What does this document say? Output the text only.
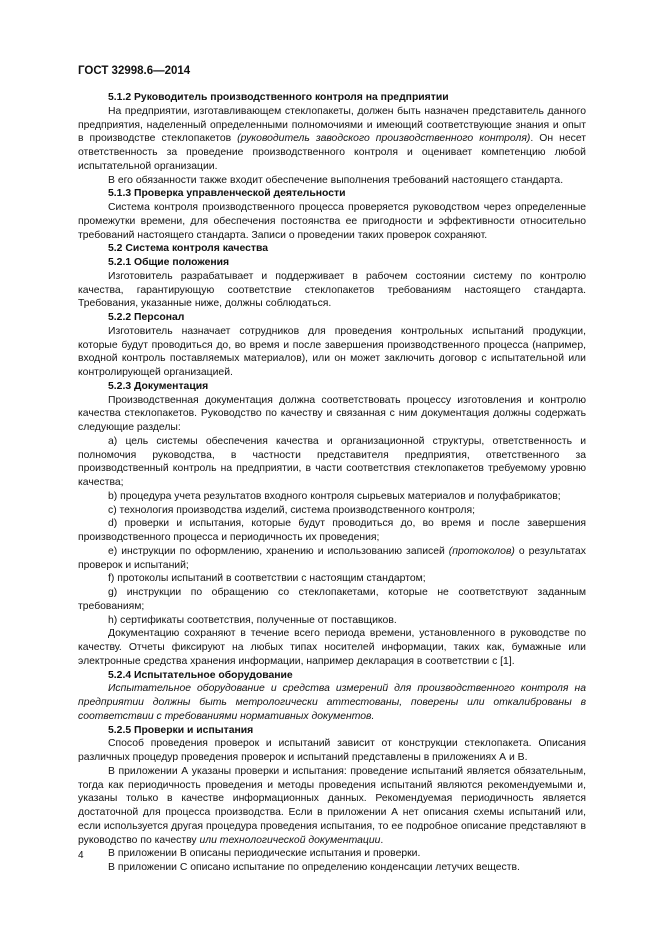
ГОСТ 32998.6—2014
5.1.2 Руководитель производственного контроля на предприятии

На предприятии, изготавливающем стеклопакеты, должен быть назначен представитель данного предприятия, наделенный определенными полномочиями и имеющий соответствующие знания и опыт в производстве стеклопакетов (руководитель заводского производственного контроля). Он несет ответственность за проведение производственного контроля и оценивает компетенцию любой испытательной организации.

В его обязанности также входит обеспечение выполнения требований настоящего стандарта.

5.1.3 Проверка управленческой деятельности

Система контроля производственного процесса проверяется руководством через определенные промежутки времени, для обеспечения постоянства ее пригодности и эффективности относительно требований настоящего стандарта. Записи о проведении таких проверок сохраняют.

5.2 Система контроля качества
5.2.1 Общие положения

Изготовитель разрабатывает и поддерживает в рабочем состоянии систему по контролю качества, гарантирующую соответствие стеклопакетов требованиям настоящего стандарта. Требования, указанные ниже, должны соблюдаться.

5.2.2 Персонал

Изготовитель назначает сотрудников для проведения контрольных испытаний продукции, которые будут проводиться до, во время и после завершения производственного процесса (например, входной контроль поставляемых материалов), или он может заключить договор с испытательной или контролирующей организацией.

5.2.3 Документация

Производственная документация должна соответствовать процессу изготовления и контролю качества стеклопакетов. Руководство по качеству и связанная с ним документация должны содержать следующие разделы:

а) цель системы обеспечения качества и организационной структуры, ответственность и полномочия руководства, в частности представителя предприятия, ответственного за производственный контроль на предприятии, в части соответствия стеклопакетов требуемому уровню качества;

b) процедура учета результатов входного контроля сырьевых материалов и полуфабрикатов;

c) технология производства изделий, система производственного контроля;

d) проверки и испытания, которые будут проводиться до, во время и после завершения производственного процесса и периодичность их проведения;

e) инструкции по оформлению, хранению и использованию записей (протоколов) о результатах проверок и испытаний;

f) протоколы испытаний в соответствии с настоящим стандартом;

g) инструкции по обращению со стеклопакетами, которые не соответствуют заданным требованиям;

h) сертификаты соответствия, полученные от поставщиков.

Документацию сохраняют в течение всего периода времени, установленного в руководстве по качеству. Отчеты фиксируют на любых типах носителей информации, таких как, бумажные или электронные средства хранения информации, например декларация в соответствии с [1].

5.2.4 Испытательное оборудование

Испытательное оборудование и средства измерений для производственного контроля на предприятии должны быть метрологически аттестованы, поверены или откалиброваны в соответствии с требованиями нормативных документов.

5.2.5 Проверки и испытания

Способ проведения проверок и испытаний зависит от конструкции стеклопакета. Описания различных процедур проведения проверок и испытаний представлены в приложениях А и В.

В приложении А указаны проверки и испытания: проведение испытаний является обязательным, тогда как периодичность проведения и методы проведения испытаний являются рекомендуемыми и, указаны только в качестве информационных данных. Рекомендуемая периодичность является достаточной для процесса производства. Если в приложении А нет описания схемы испытаний или, если используется другая процедура проведения испытания, то ее подробное описание представляют в руководство по качеству или технологической документации.

В приложении В описаны периодические испытания и проверки.

В приложении С описано испытание по определению конденсации летучих веществ.

4
